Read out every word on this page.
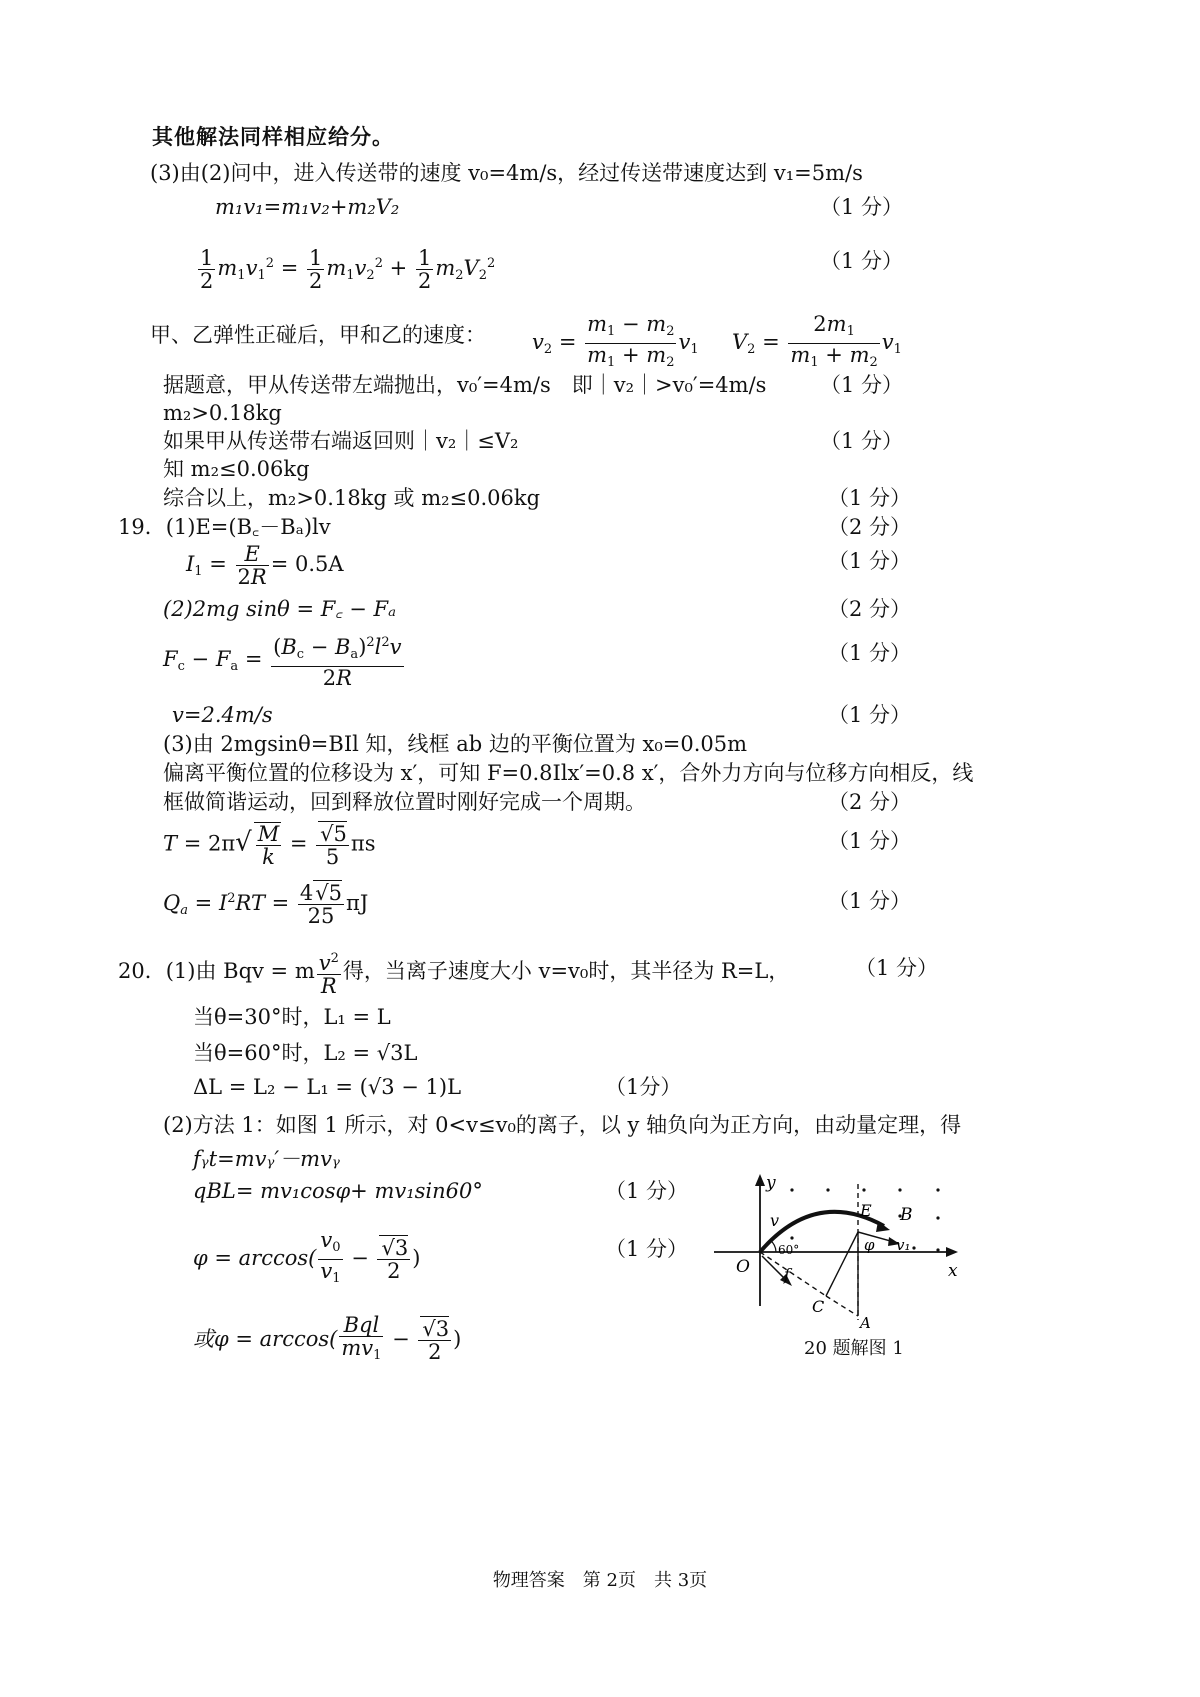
其他解法同样相应给分。
(3)由(2)问中，进入传送带的速度 v₀=4m/s，经过传送带速度达到 v₁=5m/s
m₁v₁=m₁v₂+m₂V₂	（1 分）
$\frac{1}{2} m_1v_1^2 = \frac{1}{2} m_1v_2^2 + \frac{1}{2} m_2V_2^2$	（1 分）
甲、乙弹性正碰后，甲和乙的速度： $v_2 = \frac{m_1 - m_2}{m_1 + m_2} v_1$ $V_2 = \frac{2m_1}{m_1 + m_2} v_1$
据题意，甲从传送带左端抛出，v₀′=4m/s　即｜v₂｜>v₀′=4m/s	（1 分）
m₂>0.18kg
如果甲从传送带右端返回则｜v₂｜≤V₂	（1 分）
知 m₂≤0.06kg
综合以上，m₂>0.18kg 或 m₂≤0.06kg	（1 分）
19．(1)E=(B꜀－Bₐ)lv	（2 分）
$I_1 = \frac{E}{2R} = 0.5A$	（1 分）
(2)2mg sinθ = F꜀ − Fₐ	（2 分）
$F_c - F_a = \frac{(B_c - B_a)^2l^2v}{2R}$	（1 分）
v=2.4m/s	（1 分）
(3)由 2mgsinθ=BIl 知，线框 ab 边的平衡位置为 x₀=0.05m
偏离平衡位置的位移设为 x′，可知 F=0.8Ilx′=0.8 x′，合外力方向与位移方向相反，线
框做简谐运动，回到释放位置时刚好完成一个周期。	（2 分）
$T = 2\pi√ \frac{M}{k} = \frac{√5}{5}$ πs	（1 分）
$Q_a = I^2RT = \frac{4√5}{25}$ πJ	（1 分）
20．(1)由 Bqv = m $\frac{v^2}{R}$ 得，当离子速度大小 v=v₀时，其半径为 R=L，	（1 分）
当θ=30°时，L₁ = L
当θ=60°时，L₂ = √3L
ΔL = L₂ − L₁ = (√3 − 1)L	（1分）
(2)方法 1：如图 1 所示，对 0<v≤v₀的离子，以 y 轴负向为正方向，由动量定理，得
fᵧt=mvᵧ′－mvᵧ
qBL= mv₁cosφ+ mv₁sin60°	（1 分）
$\varphi = \arccos( \frac{v_0}{v_1} - \frac{√3}{2}$ )	（1 分）
或$\varphi = \arccos( \frac{\text{Bql}}{mv_1} - \frac{√3}{2}$ )
y
x
O
v
60°
E B
φ v₁
f
C
A
20 题解图 1
物理答案　第 2页　共 3页
